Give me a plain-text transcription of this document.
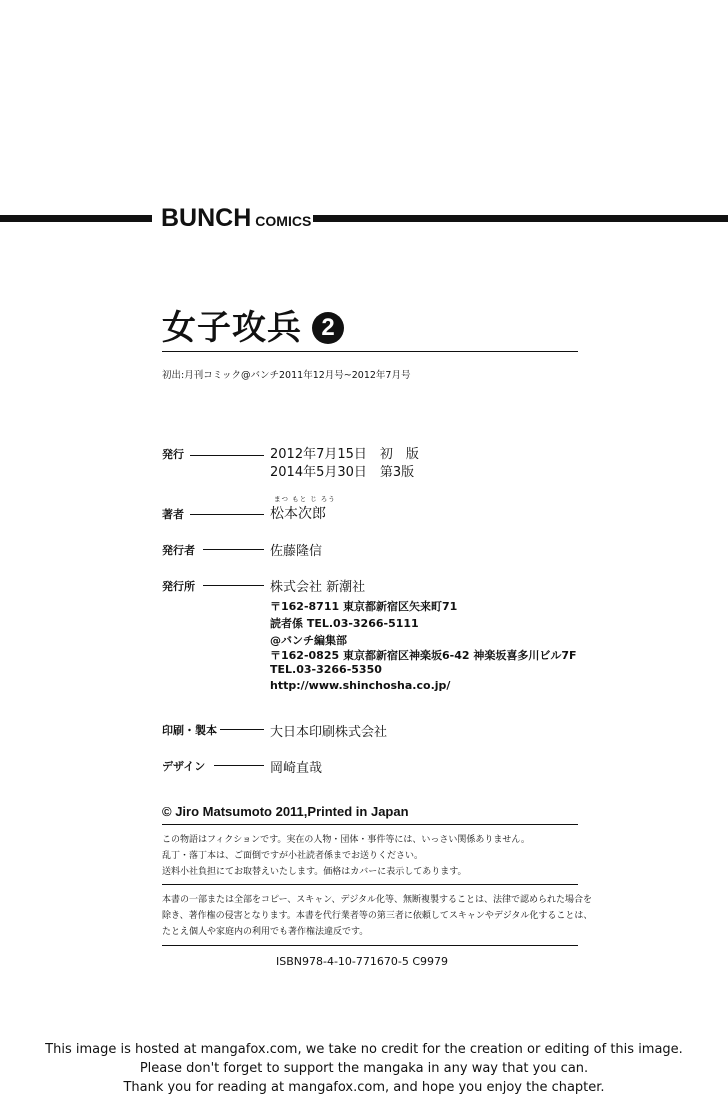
BUNCH COMICS
女子攻兵 2
初出:月刊コミック@バンチ2011年12月号~2012年7月号
発行	2012年7月15日　初　版
2014年5月30日　第3版
まつ もと じ ろう
著者	松本次郎
発行者	佐藤隆信
発行所	株式会社 新潮社
〒162-8711 東京都新宿区矢来町71
読者係 TEL.03-3266-5111
@バンチ編集部
〒162-0825 東京都新宿区神楽坂6-42 神楽坂喜多川ビル7F
TEL.03-3266-5350
http://www.shinchosha.co.jp/
印刷・製本	大日本印刷株式会社
デザイン	岡崎直哉
© Jiro Matsumoto 2011,Printed in Japan
この物語はフィクションです。実在の人物・団体・事件等には、いっさい関係ありません。
乱丁・落丁本は、ご面倒ですが小社読者係までお送りください。
送料小社負担にてお取替えいたします。価格はカバーに表示してあります。
本書の一部または全部をコピー、スキャン、デジタル化等、無断複製することは、法律で認められた場合を
除き、著作権の侵害となります。本書を代行業者等の第三者に依頼してスキャンやデジタル化することは、
たとえ個人や家庭内の利用でも著作権法違反です。
ISBN978-4-10-771670-5 C9979
This image is hosted at mangafox.com, we take no credit for the creation or editing of this image.
Please don't forget to support the mangaka in any way that you can.
Thank you for reading at mangafox.com, and hope you enjoy the chapter.
